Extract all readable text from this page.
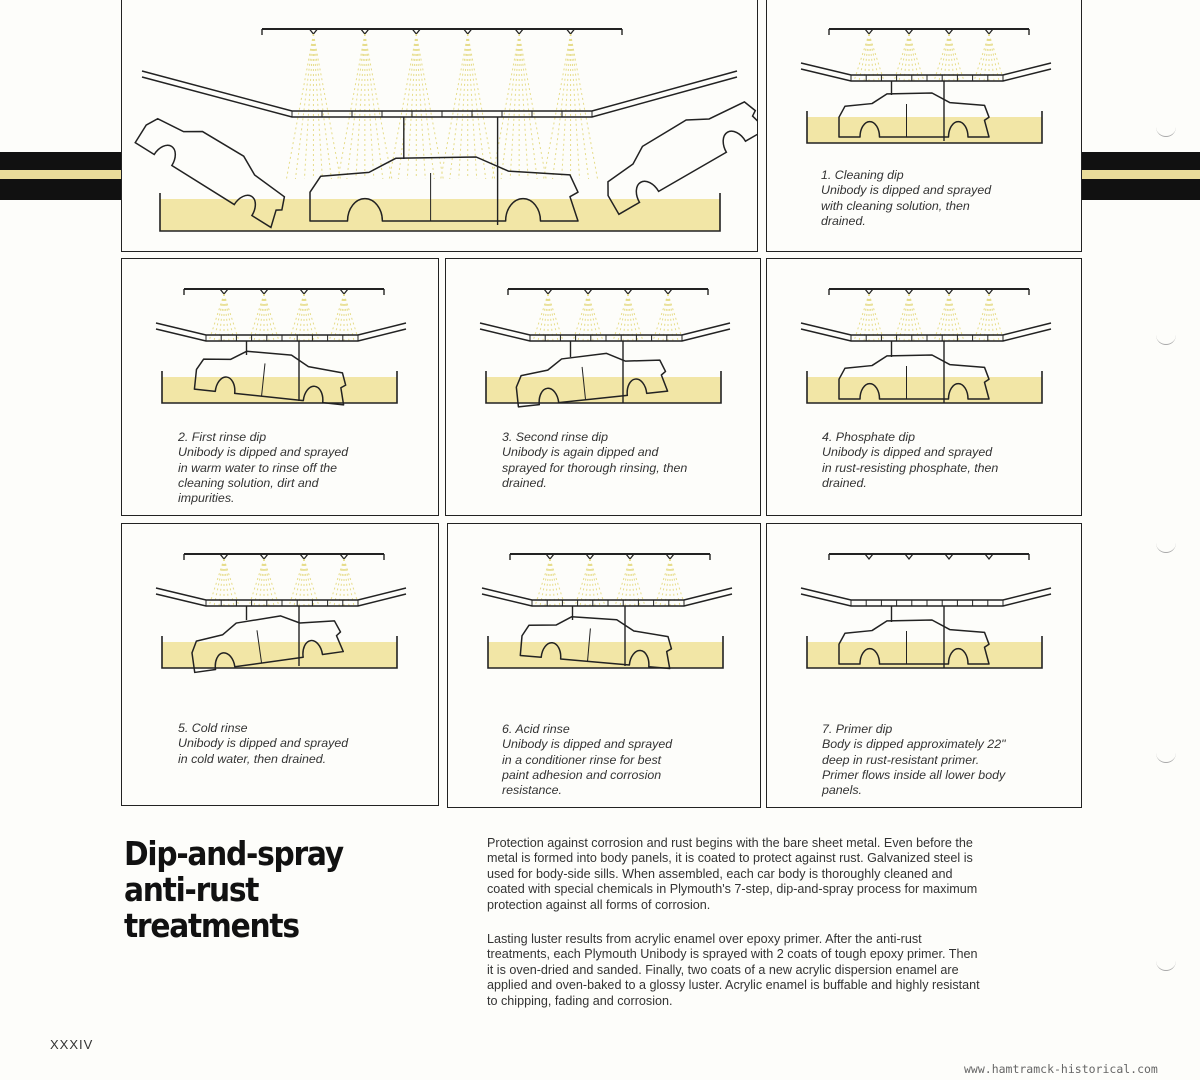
1. Cleaning dip
Unibody is dipped and sprayed
with cleaning solution, then
drained.
2. First rinse dip
Unibody is dipped and sprayed
in warm water to rinse off the
cleaning solution, dirt and
impurities.
3. Second rinse dip
Unibody is again dipped and
sprayed for thorough rinsing, then
drained.
4. Phosphate dip
Unibody is dipped and sprayed
in rust-resisting phosphate, then
drained.
5. Cold rinse
Unibody is dipped and sprayed
in cold water, then drained.
6. Acid rinse
Unibody is dipped and sprayed
in a conditioner rinse for best
paint adhesion and corrosion
resistance.
7. Primer dip
Body is dipped approximately 22"
deep in rust-resistant primer.
Primer flows inside all lower body
panels.
Dip-and-spray
anti-rust
treatments
Protection against corrosion and rust begins with the bare sheet metal. Even before the
metal is formed into body panels, it is coated to protect against rust. Galvanized steel is
used for body-side sills. When assembled, each car body is thoroughly cleaned and
coated with special chemicals in Plymouth's 7-step, dip-and-spray process for maximum
protection against all forms of corrosion.
Lasting luster results from acrylic enamel over epoxy primer. After the anti-rust
treatments, each Plymouth Unibody is sprayed with 2 coats of tough epoxy primer. Then
it is oven-dried and sanded. Finally, two coats of a new acrylic dispersion enamel are
applied and oven-baked to a glossy luster. Acrylic enamel is buffable and highly resistant
to chipping, fading and corrosion.
XXXIV
www.hamtramck-historical.com
